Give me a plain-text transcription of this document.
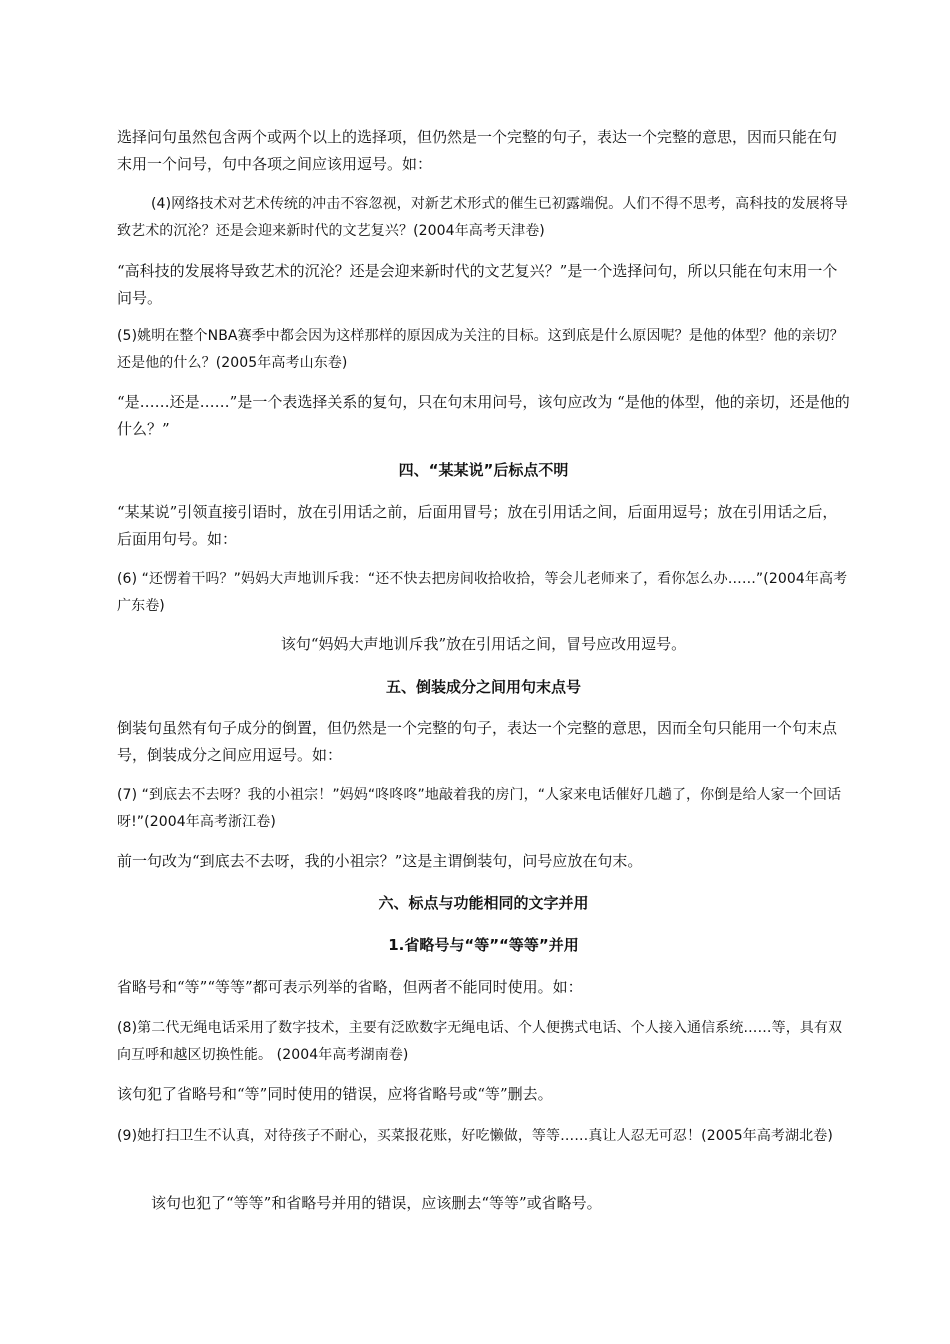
选择问句虽然包含两个或两个以上的选择项，但仍然是一个完整的句子，表达一个完整的意思，因而只能在句末用一个问号，句中各项之间应该用逗号。如：

(4)网络技术对艺术传统的冲击不容忽视，对新艺术形式的催生已初露端倪。人们不得不思考，高科技的发展将导致艺术的沉沦？还是会迎来新时代的文艺复兴？(2004年高考天津卷)

“高科技的发展将导致艺术的沉沦？还是会迎来新时代的文艺复兴？”是一个选择问句，所以只能在句末用一个问号。

(5)姚明在整个NBA赛季中都会因为这样那样的原因成为关注的目标。这到底是什么原因呢？是他的体型？他的亲切？还是他的什么？(2005年高考山东卷)

“是……还是……”是一个表选择关系的复句，只在句末用问号，该句应改为 “是他的体型，他的亲切，还是他的什么？”

四、“某某说”后标点不明

“某某说”引领直接引语时，放在引用话之前，后面用冒号；放在引用话之间，后面用逗号；放在引用话之后，后面用句号。如：

(6) “还愣着干吗？”妈妈大声地训斥我：“还不快去把房间收拾收拾，等会儿老师来了，看你怎么办……”(2004年高考广东卷)

该句“妈妈大声地训斥我”放在引用话之间，冒号应改用逗号。

五、倒装成分之间用句末点号

倒装句虽然有句子成分的倒置，但仍然是一个完整的句子，表达一个完整的意思，因而全句只能用一个句末点号，倒装成分之间应用逗号。如：

(7) “到底去不去呀？我的小祖宗！”妈妈“咚咚咚”地敲着我的房门，“人家来电话催好几趟了，你倒是给人家一个回话呀!”(2004年高考浙江卷)

前一句改为“到底去不去呀，我的小祖宗？”这是主谓倒装句，问号应放在句末。

六、标点与功能相同的文字并用
1.省略号与“等”“等等”并用

省略号和“等”“等等”都可表示列举的省略，但两者不能同时使用。如：

(8)第二代无绳电话采用了数字技术，主要有泛欧数字无绳电话、个人便携式电话、个人接入通信系统……等，具有双向互呼和越区切换性能。 (2004年高考湖南卷)

该句犯了省略号和“等”同时使用的错误，应将省略号或“等”删去。

(9)她打扫卫生不认真，对待孩子不耐心，买菜报花账，好吃懒做，等等……真让人忍无可忍！(2005年高考湖北卷)

该句也犯了“等等”和省略号并用的错误，应该删去“等等”或省略号。
